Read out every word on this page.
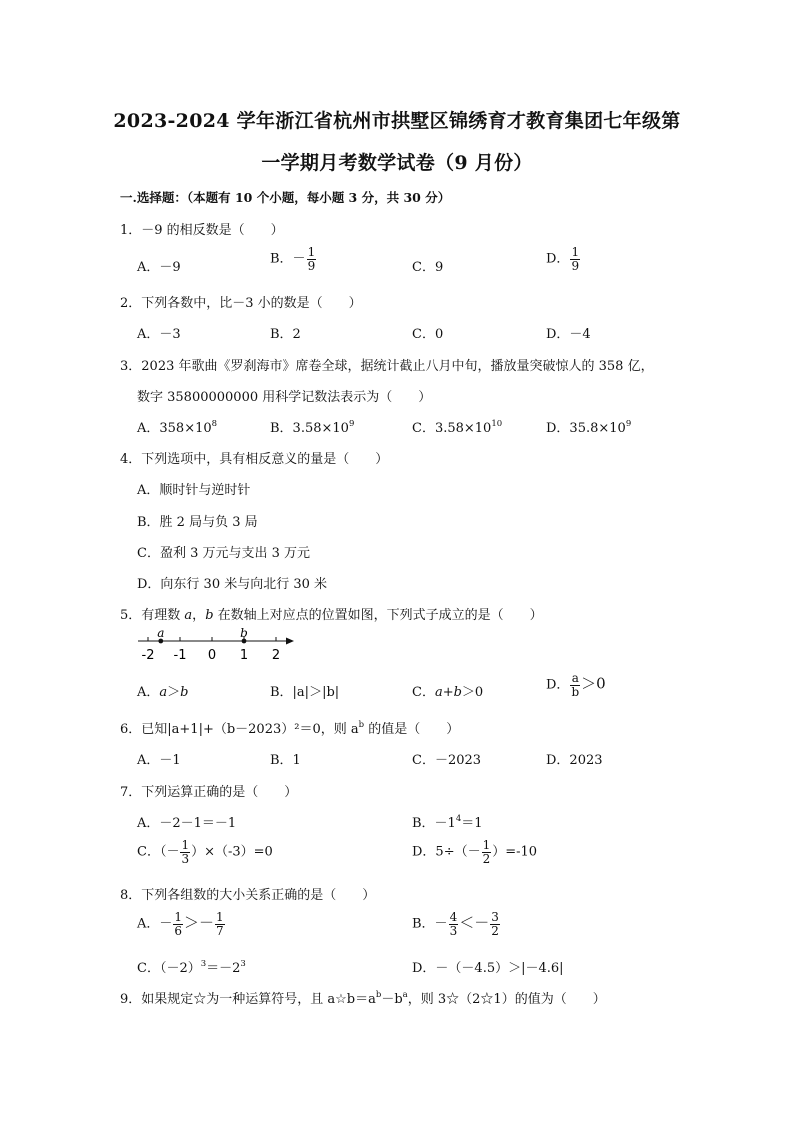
2023-2024 学年浙江省杭州市拱墅区锦绣育才教育集团七年级第
一学期月考数学试卷（9 月份）
一.选择题：（本题有 10 个小题，每小题 3 分，共 30 分）
1．－9 的相反数是（　　）
A．－9
B．－ $\frac{1}{9}$	C．9
D． $\frac{1}{9}$
2．下列各数中，比－3 小的数是（　　）
A．－3	B．2	C．0	D．－4
3．2023 年歌曲《罗刹海市》席卷全球，据统计截止八月中旬，播放量突破惊人的 358 亿，
数字 35800000000 用科学记数法表示为（　　）
A．$358\times 10^8$	B．$3.58\times 10^9$	C．$3.58\times 10^{10}$	D．$35.8\times 10^9$
4．下列选项中，具有相反意义的量是（　　）
A．顺时针与逆时针
B．胜 2 局与负 3 局
C．盈利 3 万元与支出 3 万元
D．向东行 30 米与向北行 30 米
5．有理数 a，b 在数轴上对应点的位置如图，下列式子成立的是（　　）
-2 -1 0 1 2
a	b
A．a＞b	B．|a|＞|b|	C．a+b＞0	D． $\frac{a}{b} >0$
6．已知|a+1|+（b－2023）²＝0，则 $a^b$ 的值是（　　）
A．－1	B．1	C．－2023	D．2023
7．下列运算正确的是（　　）
A．－2－1＝－1	B．$-1^4=1$
C．（－ $\frac{1}{3} )\times(-3)=0$	D．$5\div(- \frac{1}{2} )=-10$
8．下列各组数的大小关系正确的是（　　）
A．－ $\frac{1}{6} >- \frac{1}{7}$	B．－ $\frac{4}{3} <- \frac{3}{2}$
C．$(-2)^3=-2^3$	D．－（－4.5）＞|－4.6|
9．如果规定☆为一种运算符号，且 $a☆b=a^b-b^a$，则 3☆（2☆1）的值为（　　）
